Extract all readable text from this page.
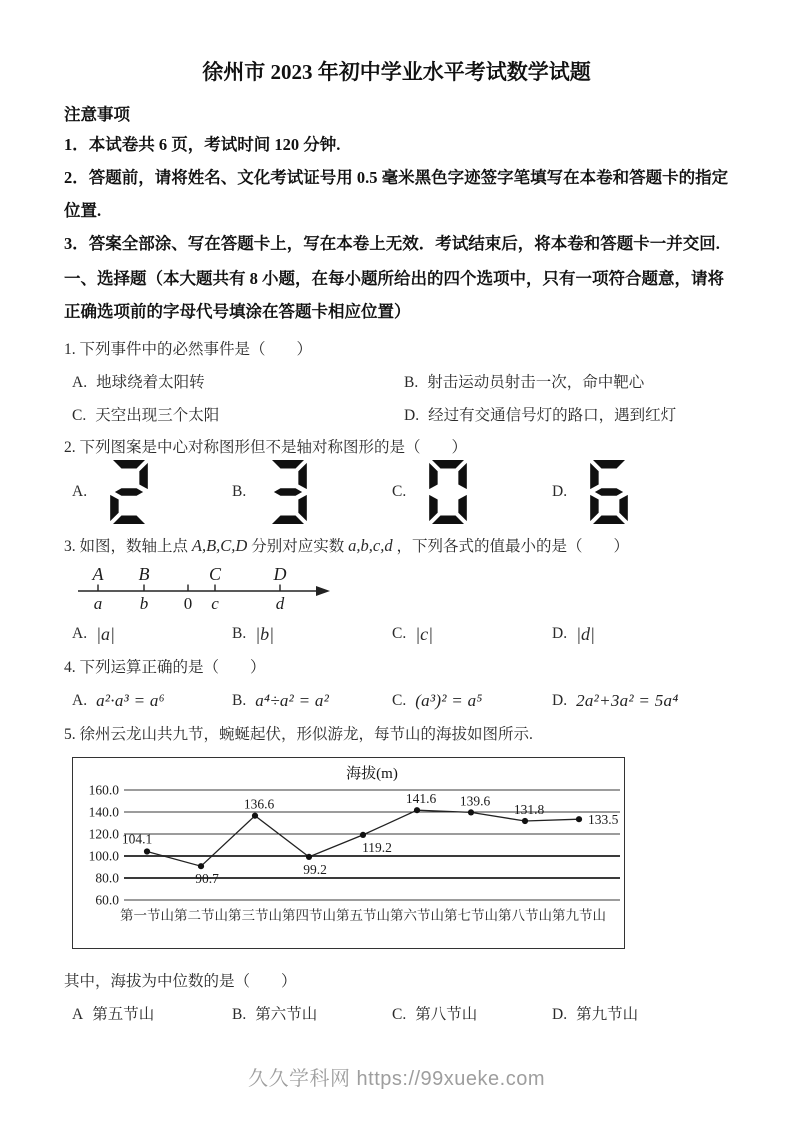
徐州市 2023 年初中学业水平考试数学试题
注意事项

1．本试卷共 6 页，考试时间 120 分钟.

2．答题前，请将姓名、文化考试证号用 0.5 毫米黑色字迹签字笔填写在本卷和答题卡的指定位置.

3．答案全部涂、写在答题卡上，写在本卷上无效．考试结束后，将本卷和答题卡一并交回.

一、选择题（本大题共有 8 小题，在每小题所给出的四个选项中，只有一项符合题意，请将正确选项前的字母代号填涂在答题卡相应位置）

1. 下列事件中的必然事件是（　　）

A. 地球绕着太阳转	B. 射击运动员射击一次，命中靶心
C. 天空出现三个太阳	D. 经过有交通信号灯的路口，遇到红灯

2. 下列图案是中心对称图形但不是轴对称图形的是（　　）

A.	B.	C.	D.

3. 如图，数轴上点 A,B,C,D 分别对应实数 a,b,c,d ，下列各式的值最小的是（　　）

A B	C	D
a b 0 c	d
A. |a|	B. |b|	C. |c|	D. |d|

4. 下列运算正确的是（　　）

A. a²·a³ = a⁶	B. a⁴÷a² = a²	C. (a³)² = a⁵	D. 2a²+3a² = 5a⁴

5. 徐州云龙山共九节，蜿蜒起伏，形似游龙，每节山的海拔如图所示.

海拔(m)
60.0
80.0
100.0
120.0
140.0
160.0
第一节山 第二节山 第三节山 第四节山 第五节山 第六节山 第七节山 第八节山 第九节山
104.1
90.7
136.6
99.2
119.2
141.6 139.6
131.8
133.5

其中，海拔为中位数的是（　　）

A 第五节山	B. 第六节山	C. 第八节山	D. 第九节山
久久学科网 https://99xueke.com
